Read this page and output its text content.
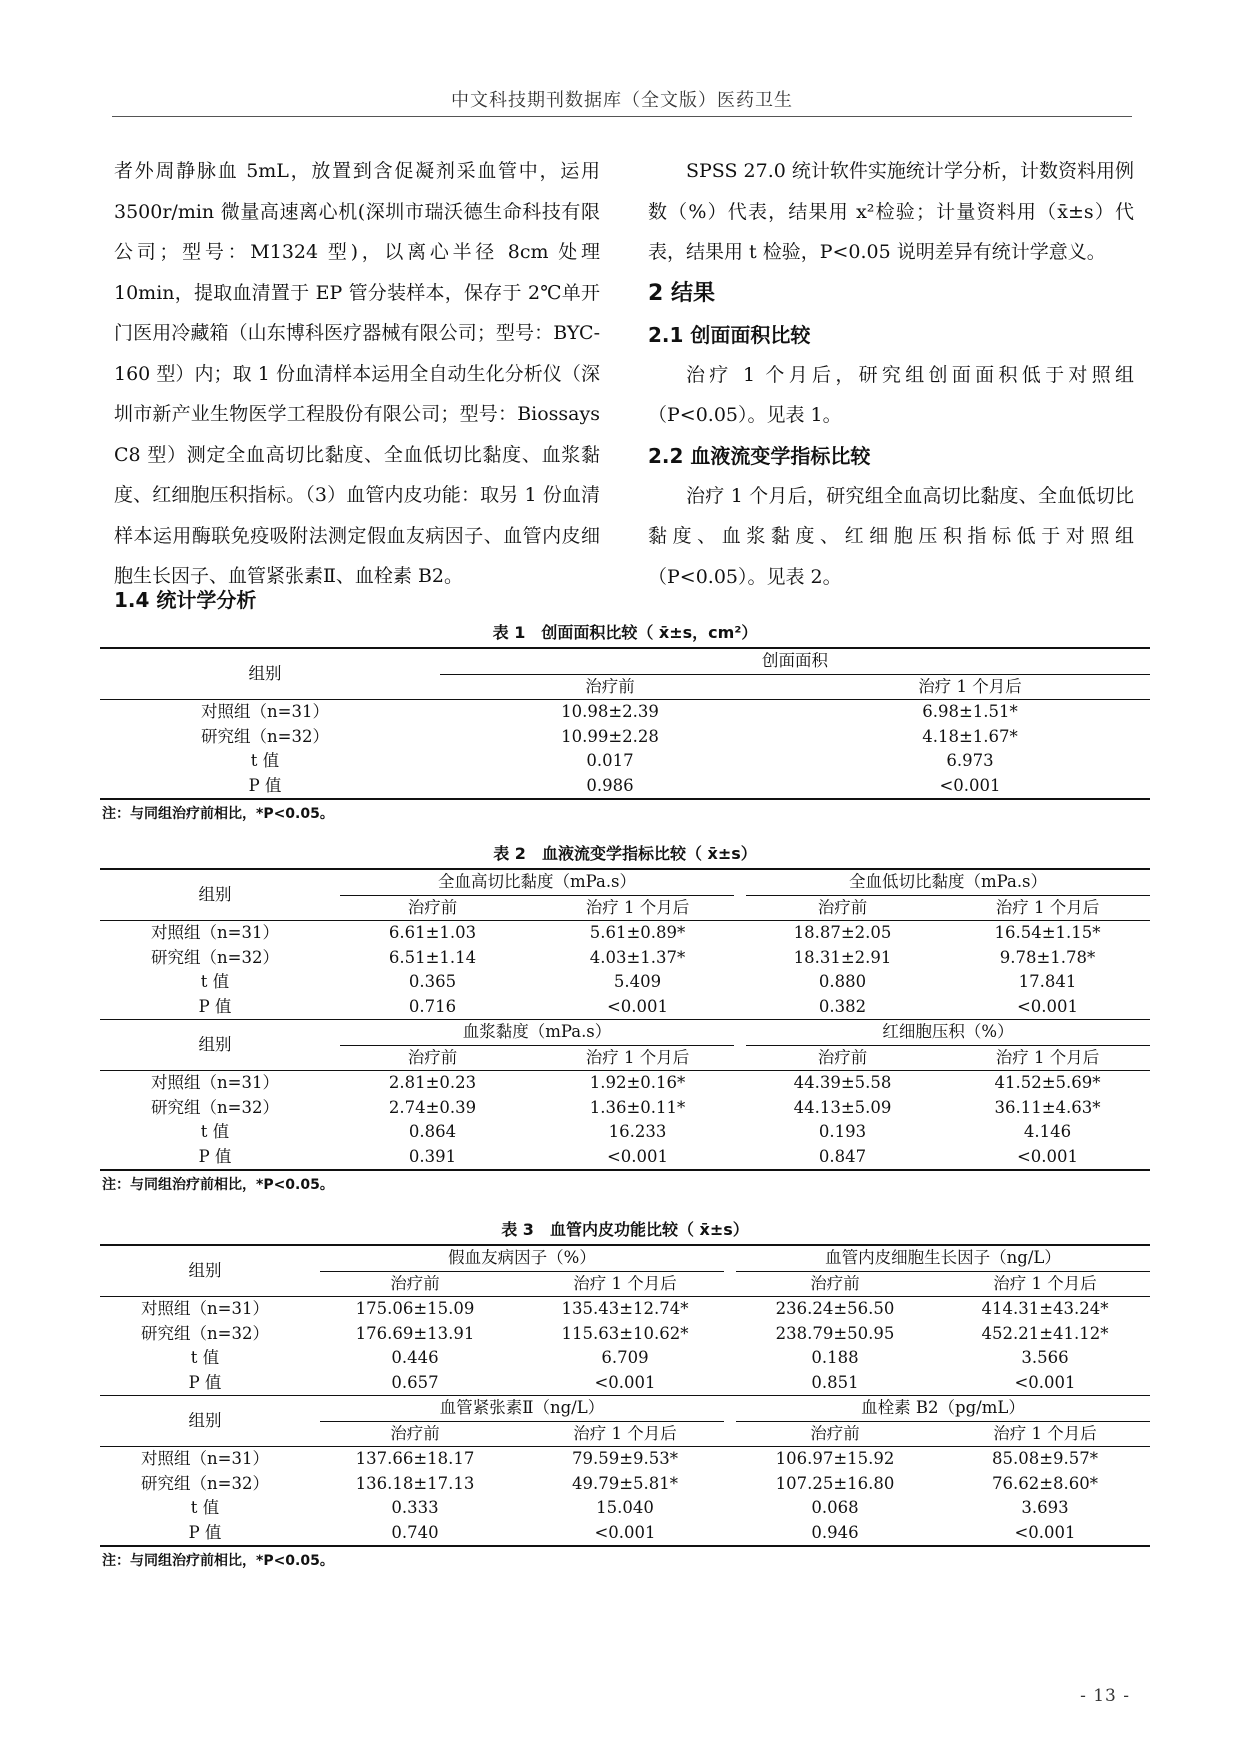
中文科技期刊数据库（全文版）医药卫生

者外周静脉血 5mL，放置到含促凝剂采血管中，运用3500r/min 微量高速离心机(深圳市瑞沃德生命科技有限公司；型号：M1324 型)，以离心半径 8cm 处理 10min，提取血清置于 EP 管分装样本，保存于 2℃单开门医用冷藏箱（山东博科医疗器械有限公司；型号：BYC-160 型）内；取 1 份血清样本运用全自动生化分析仪（深圳市新产业生物医学工程股份有限公司；型号：Biossays C8 型）测定全血高切比黏度、全血低切比黏度、血浆黏度、红细胞压积指标。（3）血管内皮功能：取另 1 份血清样本运用酶联免疫吸附法测定假血友病因子、血管内皮细胞生长因子、血管紧张素Ⅱ、血栓素 B2。

1.4 统计学分析

SPSS 27.0 统计软件实施统计学分析，计数资料用例数（%）代表，结果用 x²检验；计量资料用（x̄±s）代表，结果用 t 检验，P<0.05 说明差异有统计学意义。

2 结果
2.1 创面面积比较

治疗 1 个月后，研究组创面面积低于对照组（P<0.05）。见表 1。

2.2 血液流变学指标比较

治疗 1 个月后，研究组全血高切比黏度、全血低切比黏度、血浆黏度、红细胞压积指标低于对照组（P<0.05）。见表 2。

表 1　创面面积比较（ x̄±s，cm²）
组别	创面面积	

	治疗前	治疗 1 个月后
对照组（n=31）	10.98±2.39	6.98±1.51*
研究组（n=32）	10.99±2.28	4.18±1.67*
t 值	0.017	6.973
P 值	0.986	<0.001
注：与同组治疗前相比，*P<0.05。
表 2　血液流变学指标比较（ x̄±s）
组别	全血高切比黏度（mPa.s）		全血低切比黏度（mPa.s）	

	治疗前	治疗 1 个月后	治疗前	治疗 1 个月后
对照组（n=31）	6.61±1.03	5.61±0.89*	18.87±2.05	16.54±1.15*
研究组（n=32）	6.51±1.14	4.03±1.37*	18.31±2.91	9.78±1.78*
t 值	0.365	5.409	0.880	17.841
P 值	0.716	<0.001	0.382	<0.001
组别	血浆黏度（mPa.s）		红细胞压积（%）	

	治疗前	治疗 1 个月后	治疗前	治疗 1 个月后
对照组（n=31）	2.81±0.23	1.92±0.16*	44.39±5.58	41.52±5.69*
研究组（n=32）	2.74±0.39	1.36±0.11*	44.13±5.09	36.11±4.63*
t 值	0.864	16.233	0.193	4.146
P 值	0.391	<0.001	0.847	<0.001
注：与同组治疗前相比，*P<0.05。
表 3　血管内皮功能比较（ x̄±s）
组别	假血友病因子（%）		血管内皮细胞生长因子（ng/L）	

	治疗前	治疗 1 个月后	治疗前	治疗 1 个月后
对照组（n=31）	175.06±15.09	135.43±12.74*	236.24±56.50	414.31±43.24*
研究组（n=32）	176.69±13.91	115.63±10.62*	238.79±50.95	452.21±41.12*
t 值	0.446	6.709	0.188	3.566
P 值	0.657	<0.001	0.851	<0.001
组别	血管紧张素Ⅱ（ng/L）		血栓素 B2（pg/mL）	

	治疗前	治疗 1 个月后	治疗前	治疗 1 个月后
对照组（n=31）	137.66±18.17	79.59±9.53*	106.97±15.92	85.08±9.57*
研究组（n=32）	136.18±17.13	49.79±5.81*	107.25±16.80	76.62±8.60*
t 值	0.333	15.040	0.068	3.693
P 值	0.740	<0.001	0.946	<0.001
注：与同组治疗前相比，*P<0.05。
- 13 -
